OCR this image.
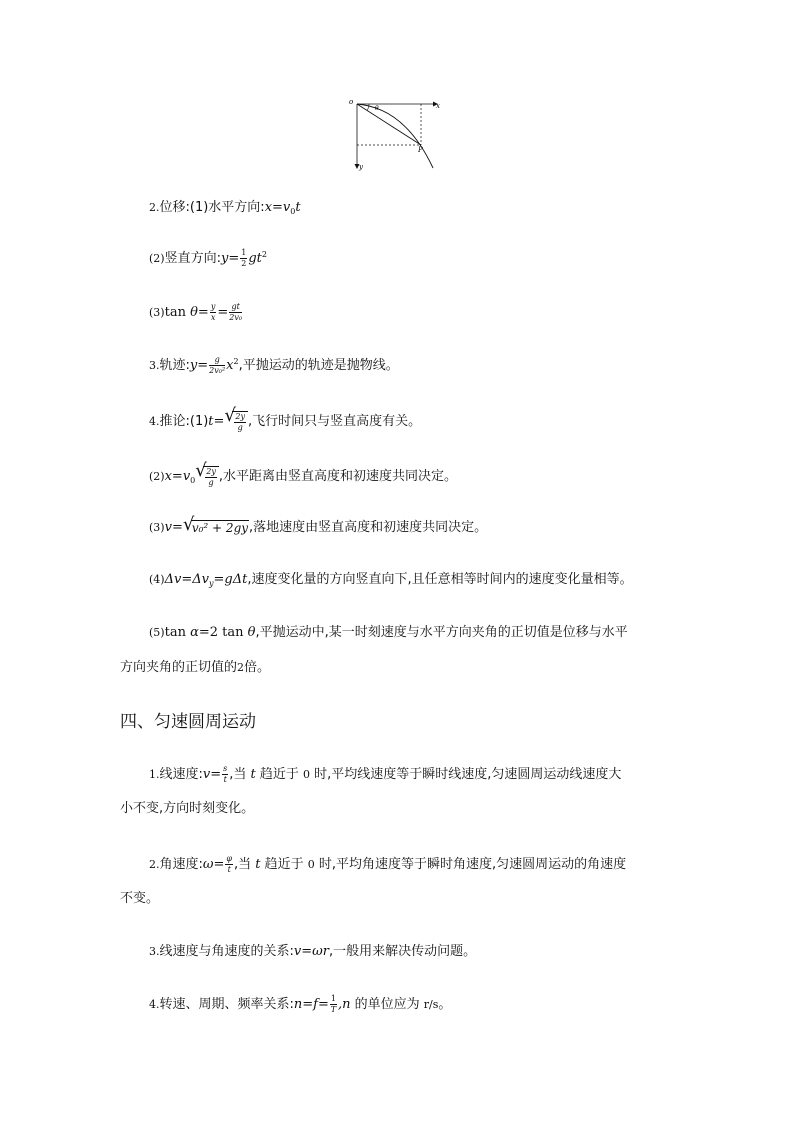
o	x
y
P
θ
2.位移:(1)水平方向$:x=v_0t$
(2)竖直方向:y= $\frac{1}{2} gt^2$
(3)tan $\theta= \frac{y}{x} = \frac{gt}{\text{2v₀}}$
3.轨迹:y= $\frac{g}{\text{2v₀²}} x^2$,平抛运动的轨迹是抛物线。
4.推论:(1)t= √
$\frac{2y}{g}$ ,飞行时间只与竖直高度有关。
$(2)x=v_0$ √
$\frac{2y}{g}$ ,水平距离由竖直高度和初速度共同决定。
(3)v= √
v₀² + 2gy,落地速度由竖直高度和初速度共同决定。
$(4)\Delta v=\Delta v_y=g\Delta t$,速度变化量的方向竖直向下,且任意相等时间内的速度变化量相等。
(5)tan α=2 tan θ,平抛运动中,某一时刻速度与水平方向夹角的正切值是位移与水平
方向夹角的正切值的2倍。
四、匀速圆周运动
1.线速度:v= $\frac{s}{t}$ ,当 t 趋近于 0 时,平均线速度等于瞬时线速度,匀速圆周运动线速度大
小不变,方向时刻变化。
2.角速度:ω= $\frac{\varphi}{t}$ ,当 t 趋近于 0 时,平均角速度等于瞬时角速度,匀速圆周运动的角速度
不变。
3.线速度与角速度的关系:v=ωr,一般用来解决传动问题。
4.转速、周期、频率关系:n=f= $\frac{1}{T} ,n$ 的单位应为 r/s。
